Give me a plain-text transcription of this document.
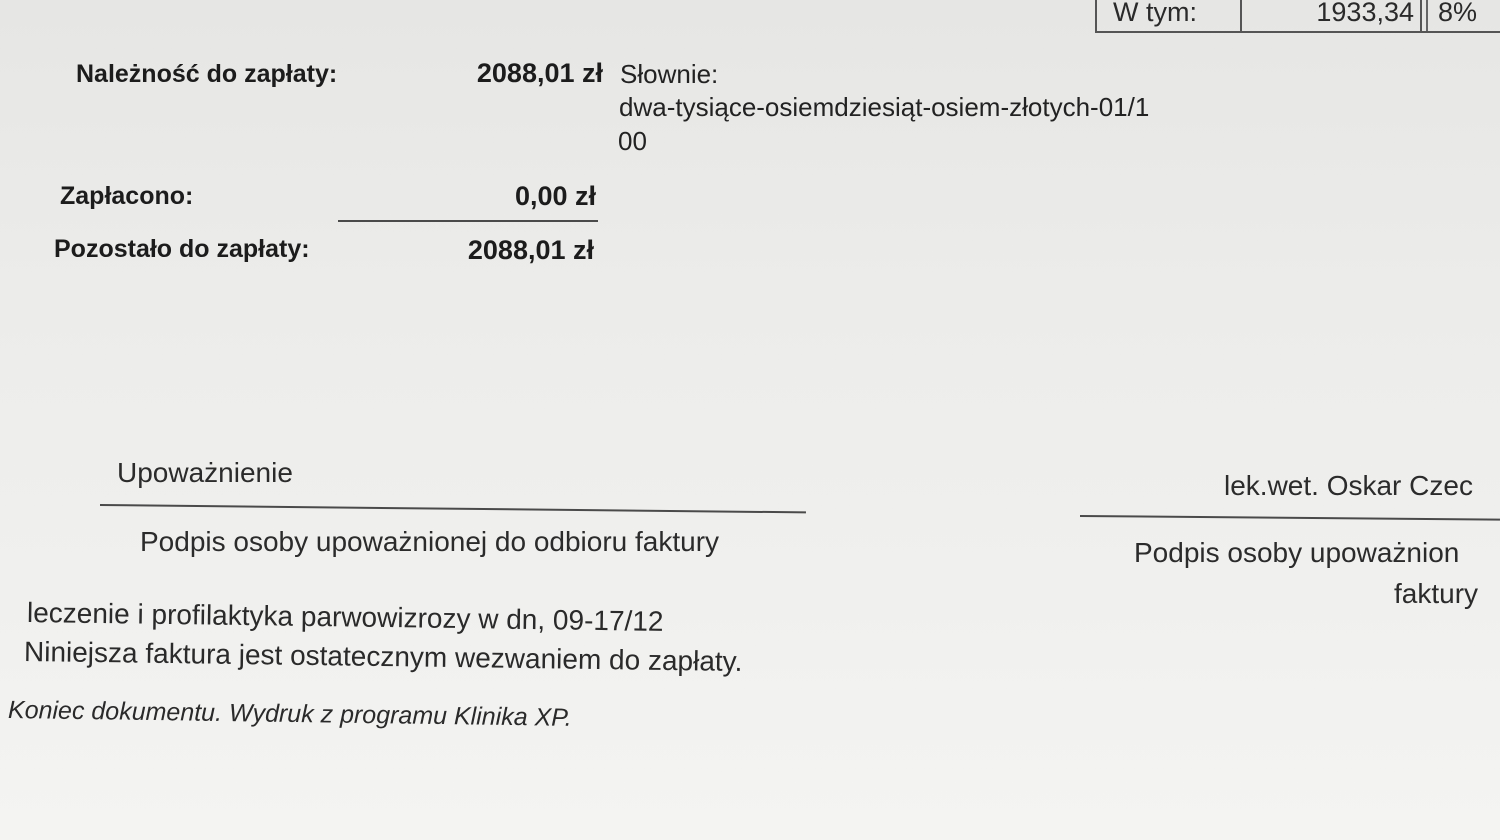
W tym:	1933,34 8%
Należność do zapłaty:	2088,01 zł Słownie:
dwa-tysiące-osiemdziesiąt-osiem-złotych-01/1
00
Zapłacono:	0,00 zł
Pozostało do zapłaty:	2088,01 zł
Upoważnienie
Podpis osoby upoważnionej do odbioru faktury
lek.wet. Oskar Czec
Podpis osoby upoważnion
faktury
leczenie i profilaktyka parwowizrozy w dn, 09-17/12
Niniejsza faktura jest ostatecznym wezwaniem do zapłaty.
Koniec dokumentu. Wydruk z programu Klinika XP.
